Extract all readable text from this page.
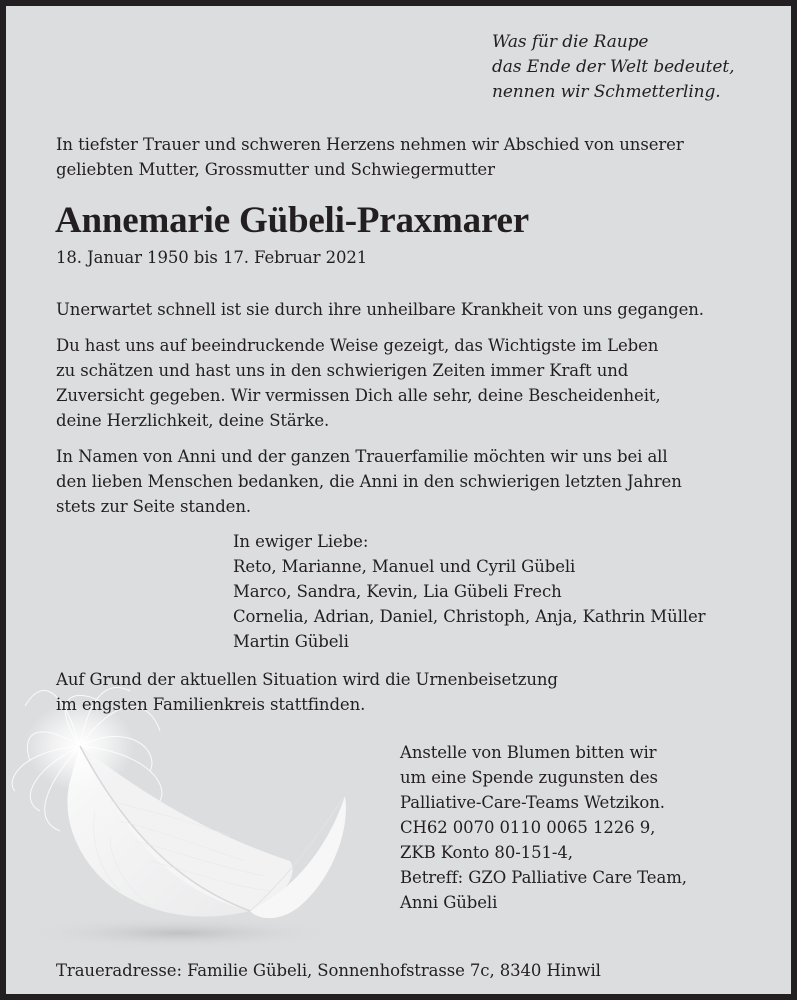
Was für die Raupe
das Ende der Welt bedeutet,
nennen wir Schmetterling.
In tiefster Trauer und schweren Herzens nehmen wir Abschied von unserer
geliebten Mutter, Grossmutter und Schwiegermutter
Annemarie Gübeli-Praxmarer
18. Januar 1950 bis 17. Februar 2021
Unerwartet schnell ist sie durch ihre unheilbare Krankheit von uns gegangen.
Du hast uns auf beeindruckende Weise gezeigt, das Wichtigste im Leben
zu schätzen und hast uns in den schwierigen Zeiten immer Kraft und
Zuversicht gegeben. Wir vermissen Dich alle sehr, deine Bescheidenheit,
deine Herzlichkeit, deine Stärke.
In Namen von Anni und der ganzen Trauerfamilie möchten wir uns bei all
den lieben Menschen bedanken, die Anni in den schwierigen letzten Jahren
stets zur Seite standen.
In ewiger Liebe:
Reto, Marianne, Manuel und Cyril Gübeli
Marco, Sandra, Kevin, Lia Gübeli Frech
Cornelia, Adrian, Daniel, Christoph, Anja, Kathrin Müller
Martin Gübeli
Auf Grund der aktuellen Situation wird die Urnenbeisetzung
im engsten Familienkreis stattfinden.
Anstelle von Blumen bitten wir
um eine Spende zugunsten des
Palliative-Care-Teams Wetzikon.
CH62 0070 0110 0065 1226 9,
ZKB Konto 80-151-4,
Betreff: GZO Palliative Care Team,
Anni Gübeli
Traueradresse: Familie Gübeli, Sonnenhofstrasse 7c, 8340 Hinwil
